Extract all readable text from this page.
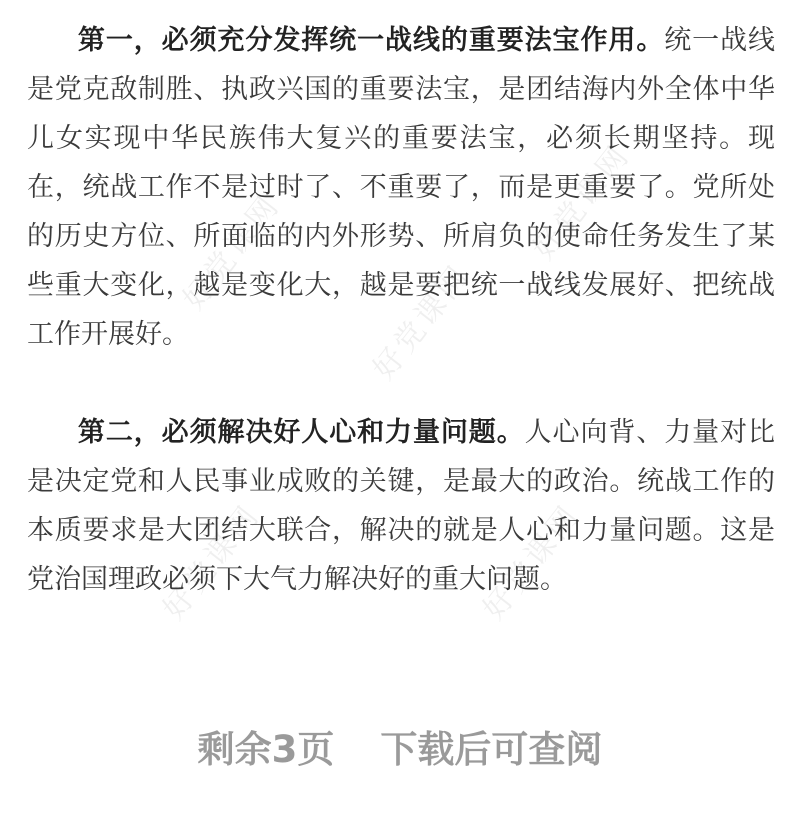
好党课网	好党课网
好党课网
好党课网	好党课网

第一，必须充分发挥统一战线的重要法宝作用。统一战线是党克敌制胜、执政兴国的重要法宝，是团结海内外全体中华儿女实现中华民族伟大复兴的重要法宝，必须长期坚持。现在，统战工作不是过时了、不重要了，而是更重要了。党所处的历史方位、所面临的内外形势、所肩负的使命任务发生了某些重大变化，越是变化大，越是要把统一战线发展好、把统战工作开展好。

第二，必须解决好人心和力量问题。人心向背、力量对比是决定党和人民事业成败的关键，是最大的政治。统战工作的本质要求是大团结大联合，解决的就是人心和力量问题。这是党治国理政必须下大气力解决好的重大问题。

剩余3页 下载后可查阅
